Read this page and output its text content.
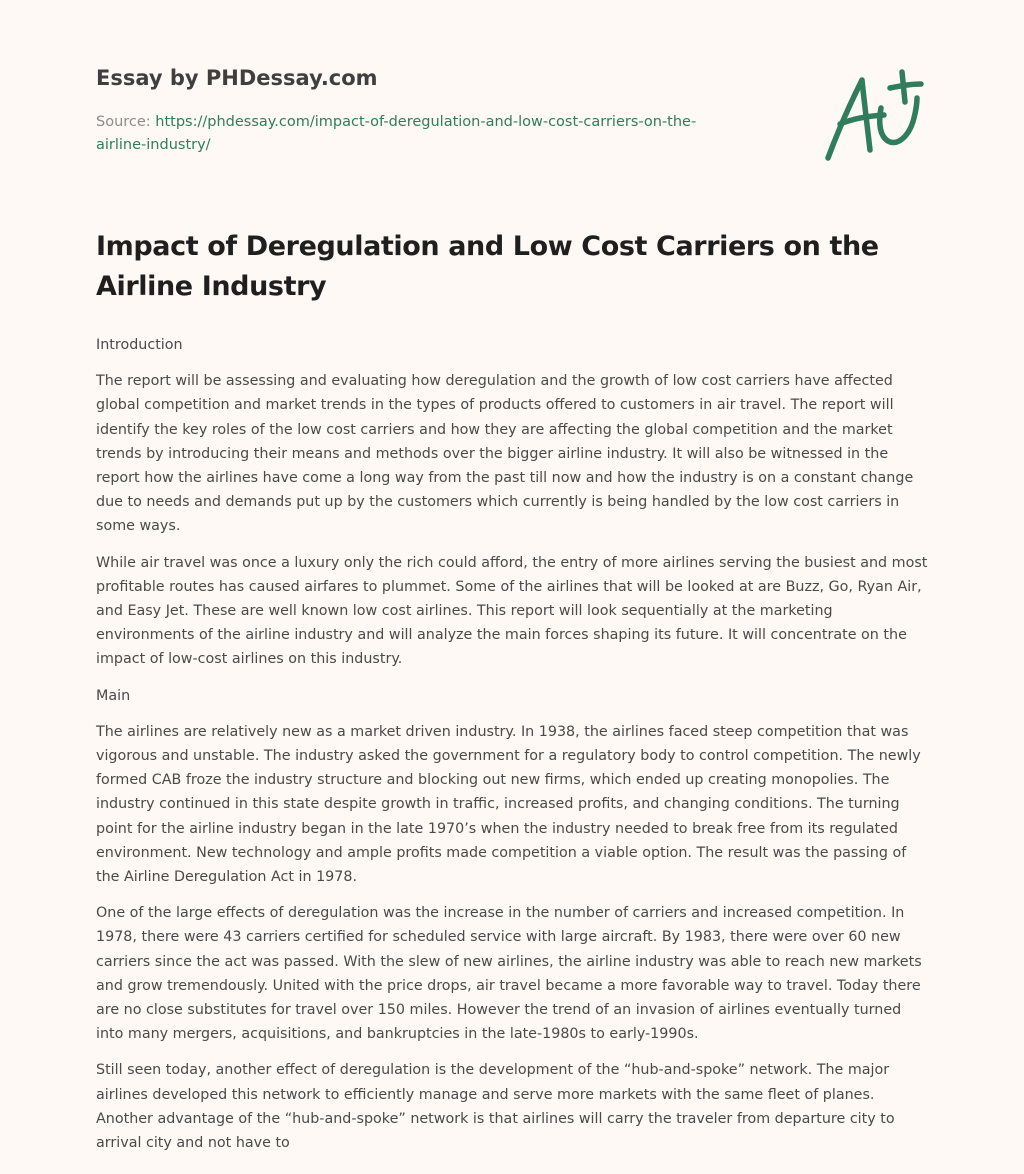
Essay by PHDessay.com
Source: https://phdessay.com/impact-of-deregulation-and-low-cost-carriers-on-the-airline-industry/
Impact of Deregulation and Low Cost Carriers on the Airline Industry

Introduction

The report will be assessing and evaluating how deregulation and the growth of low cost carriers have affected global competition and market trends in the types of products offered to customers in air travel. The report will identify the key roles of the low cost carriers and how they are affecting the global competition and the market trends by introducing their means and methods over the bigger airline industry. It will also be witnessed in the report how the airlines have come a long way from the past till now and how the industry is on a constant change due to needs and demands put up by the customers which currently is being handled by the low cost carriers in some ways.

While air travel was once a luxury only the rich could afford, the entry of more airlines serving the busiest and most profitable routes has caused airfares to plummet. Some of the airlines that will be looked at are Buzz, Go, Ryan Air, and Easy Jet. These are well known low cost airlines. This report will look sequentially at the marketing environments of the airline industry and will analyze the main forces shaping its future. It will concentrate on the impact of low-cost airlines on this industry.

Main

The airlines are relatively new as a market driven industry. In 1938, the airlines faced steep competition that was vigorous and unstable. The industry asked the government for a regulatory body to control competition. The newly formed CAB froze the industry structure and blocking out new firms, which ended up creating monopolies. The industry continued in this state despite growth in traffic, increased profits, and changing conditions. The turning point for the airline industry began in the late 1970’s when the industry needed to break free from its regulated environment. New technology and ample profits made competition a viable option. The result was the passing of the Airline Deregulation Act in 1978.

One of the large effects of deregulation was the increase in the number of carriers and increased competition. In 1978, there were 43 carriers certified for scheduled service with large aircraft. By 1983, there were over 60 new carriers since the act was passed. With the slew of new airlines, the airline industry was able to reach new markets and grow tremendously. United with the price drops, air travel became a more favorable way to travel. Today there are no close substitutes for travel over 150 miles. However the trend of an invasion of airlines eventually turned into many mergers, acquisitions, and bankruptcies in the late-1980s to early-1990s.

Still seen today, another effect of deregulation is the development of the “hub-and-spoke” network. The major airlines developed this network to efficiently manage and serve more markets with the same fleet of planes. Another advantage of the “hub-and-spoke” network is that airlines will carry the traveler from departure city to arrival city and not have to
